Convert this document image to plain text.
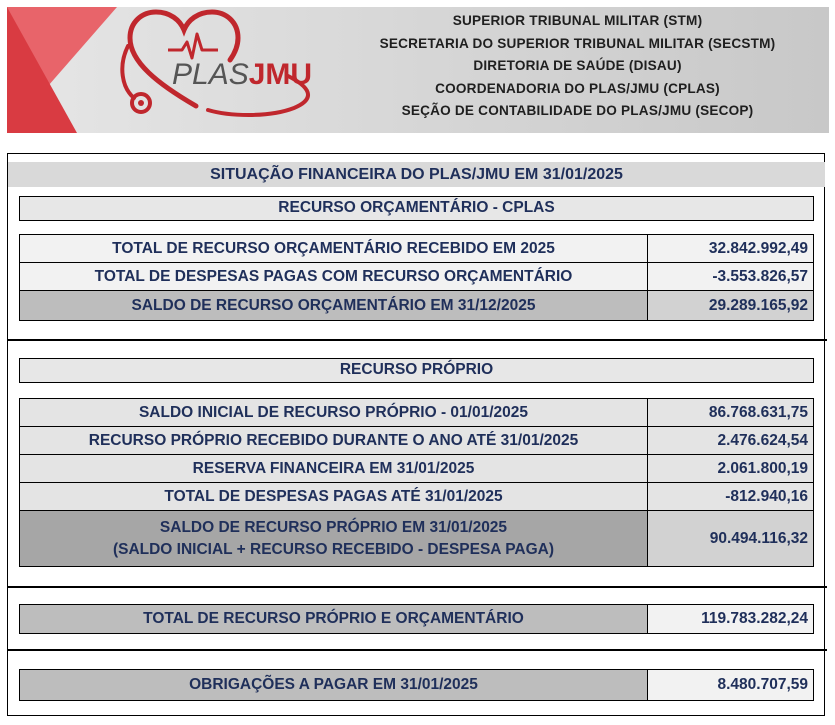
PLASJMU
SUPERIOR TRIBUNAL MILITAR (STM)
SECRETARIA DO SUPERIOR TRIBUNAL MILITAR (SECSTM)
DIRETORIA DE SAÚDE (DISAU)
COORDENADORIA DO PLAS/JMU (CPLAS)
SEÇÃO DE CONTABILIDADE DO PLAS/JMU (SECOP)
SITUAÇÃO FINANCEIRA DO PLAS/JMU EM 31/01/2025
RECURSO ORÇAMENTÁRIO - CPLAS
TOTAL DE RECURSO ORÇAMENTÁRIO RECEBIDO EM 2025	32.842.992,49
TOTAL DE DESPESAS PAGAS COM RECURSO ORÇAMENTÁRIO	-3.553.826,57
SALDO DE RECURSO ORÇAMENTÁRIO EM 31/12/2025	29.289.165,92
RECURSO PRÓPRIO
SALDO INICIAL DE RECURSO PRÓPRIO - 01/01/2025	86.768.631,75
RECURSO PRÓPRIO RECEBIDO DURANTE O ANO ATÉ 31/01/2025	2.476.624,54
RESERVA FINANCEIRA EM 31/01/2025	2.061.800,19
TOTAL DE DESPESAS PAGAS ATÉ 31/01/2025	-812.940,16
SALDO DE RECURSO PRÓPRIO EM 31/01/2025
(SALDO INICIAL + RECURSO RECEBIDO - DESPESA PAGA)
90.494.116,32
TOTAL DE RECURSO PRÓPRIO E ORÇAMENTÁRIO	119.783.282,24
OBRIGAÇÕES A PAGAR EM 31/01/2025	8.480.707,59
